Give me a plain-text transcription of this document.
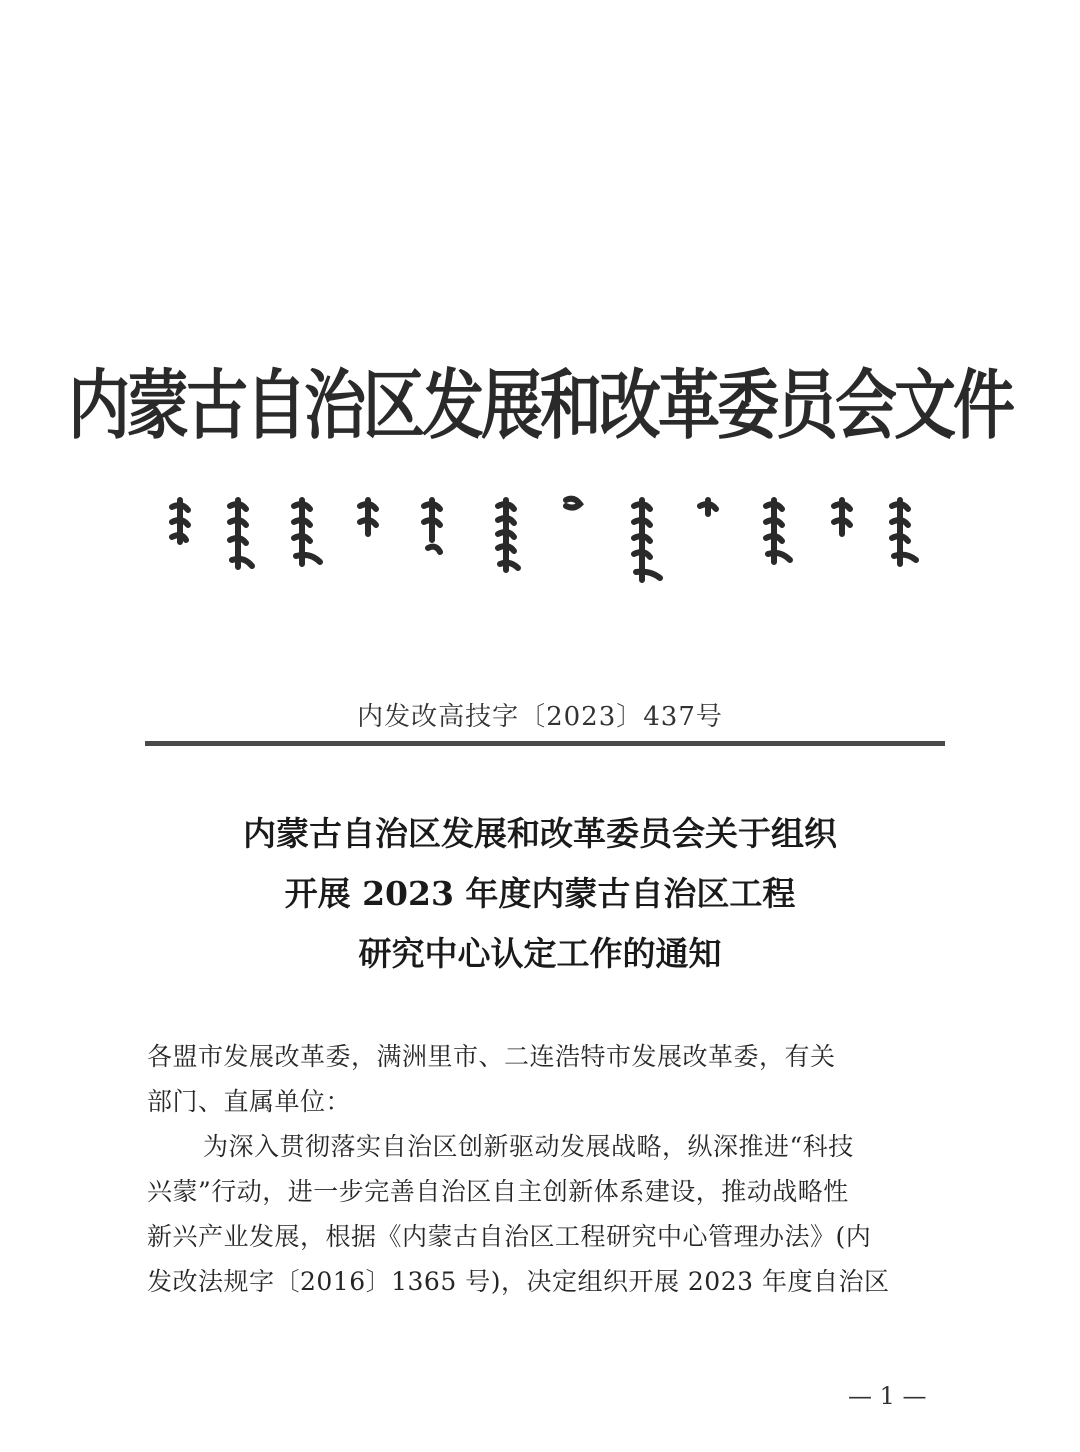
内蒙古自治区发展和改革委员会文件
内发改高技字〔2023〕437号
内蒙古自治区发展和改革委员会关于组织
开展 2023 年度内蒙古自治区工程
研究中心认定工作的通知
各盟市发展改革委，满洲里市、二连浩特市发展改革委，有关
部门、直属单位：
为深入贯彻落实自治区创新驱动发展战略，纵深推进“科技
兴蒙”行动，进一步完善自治区自主创新体系建设，推动战略性
新兴产业发展，根据《内蒙古自治区工程研究中心管理办法》(内
发改法规字〔2016〕1365 号)，决定组织开展 2023 年度自治区
— 1 —
